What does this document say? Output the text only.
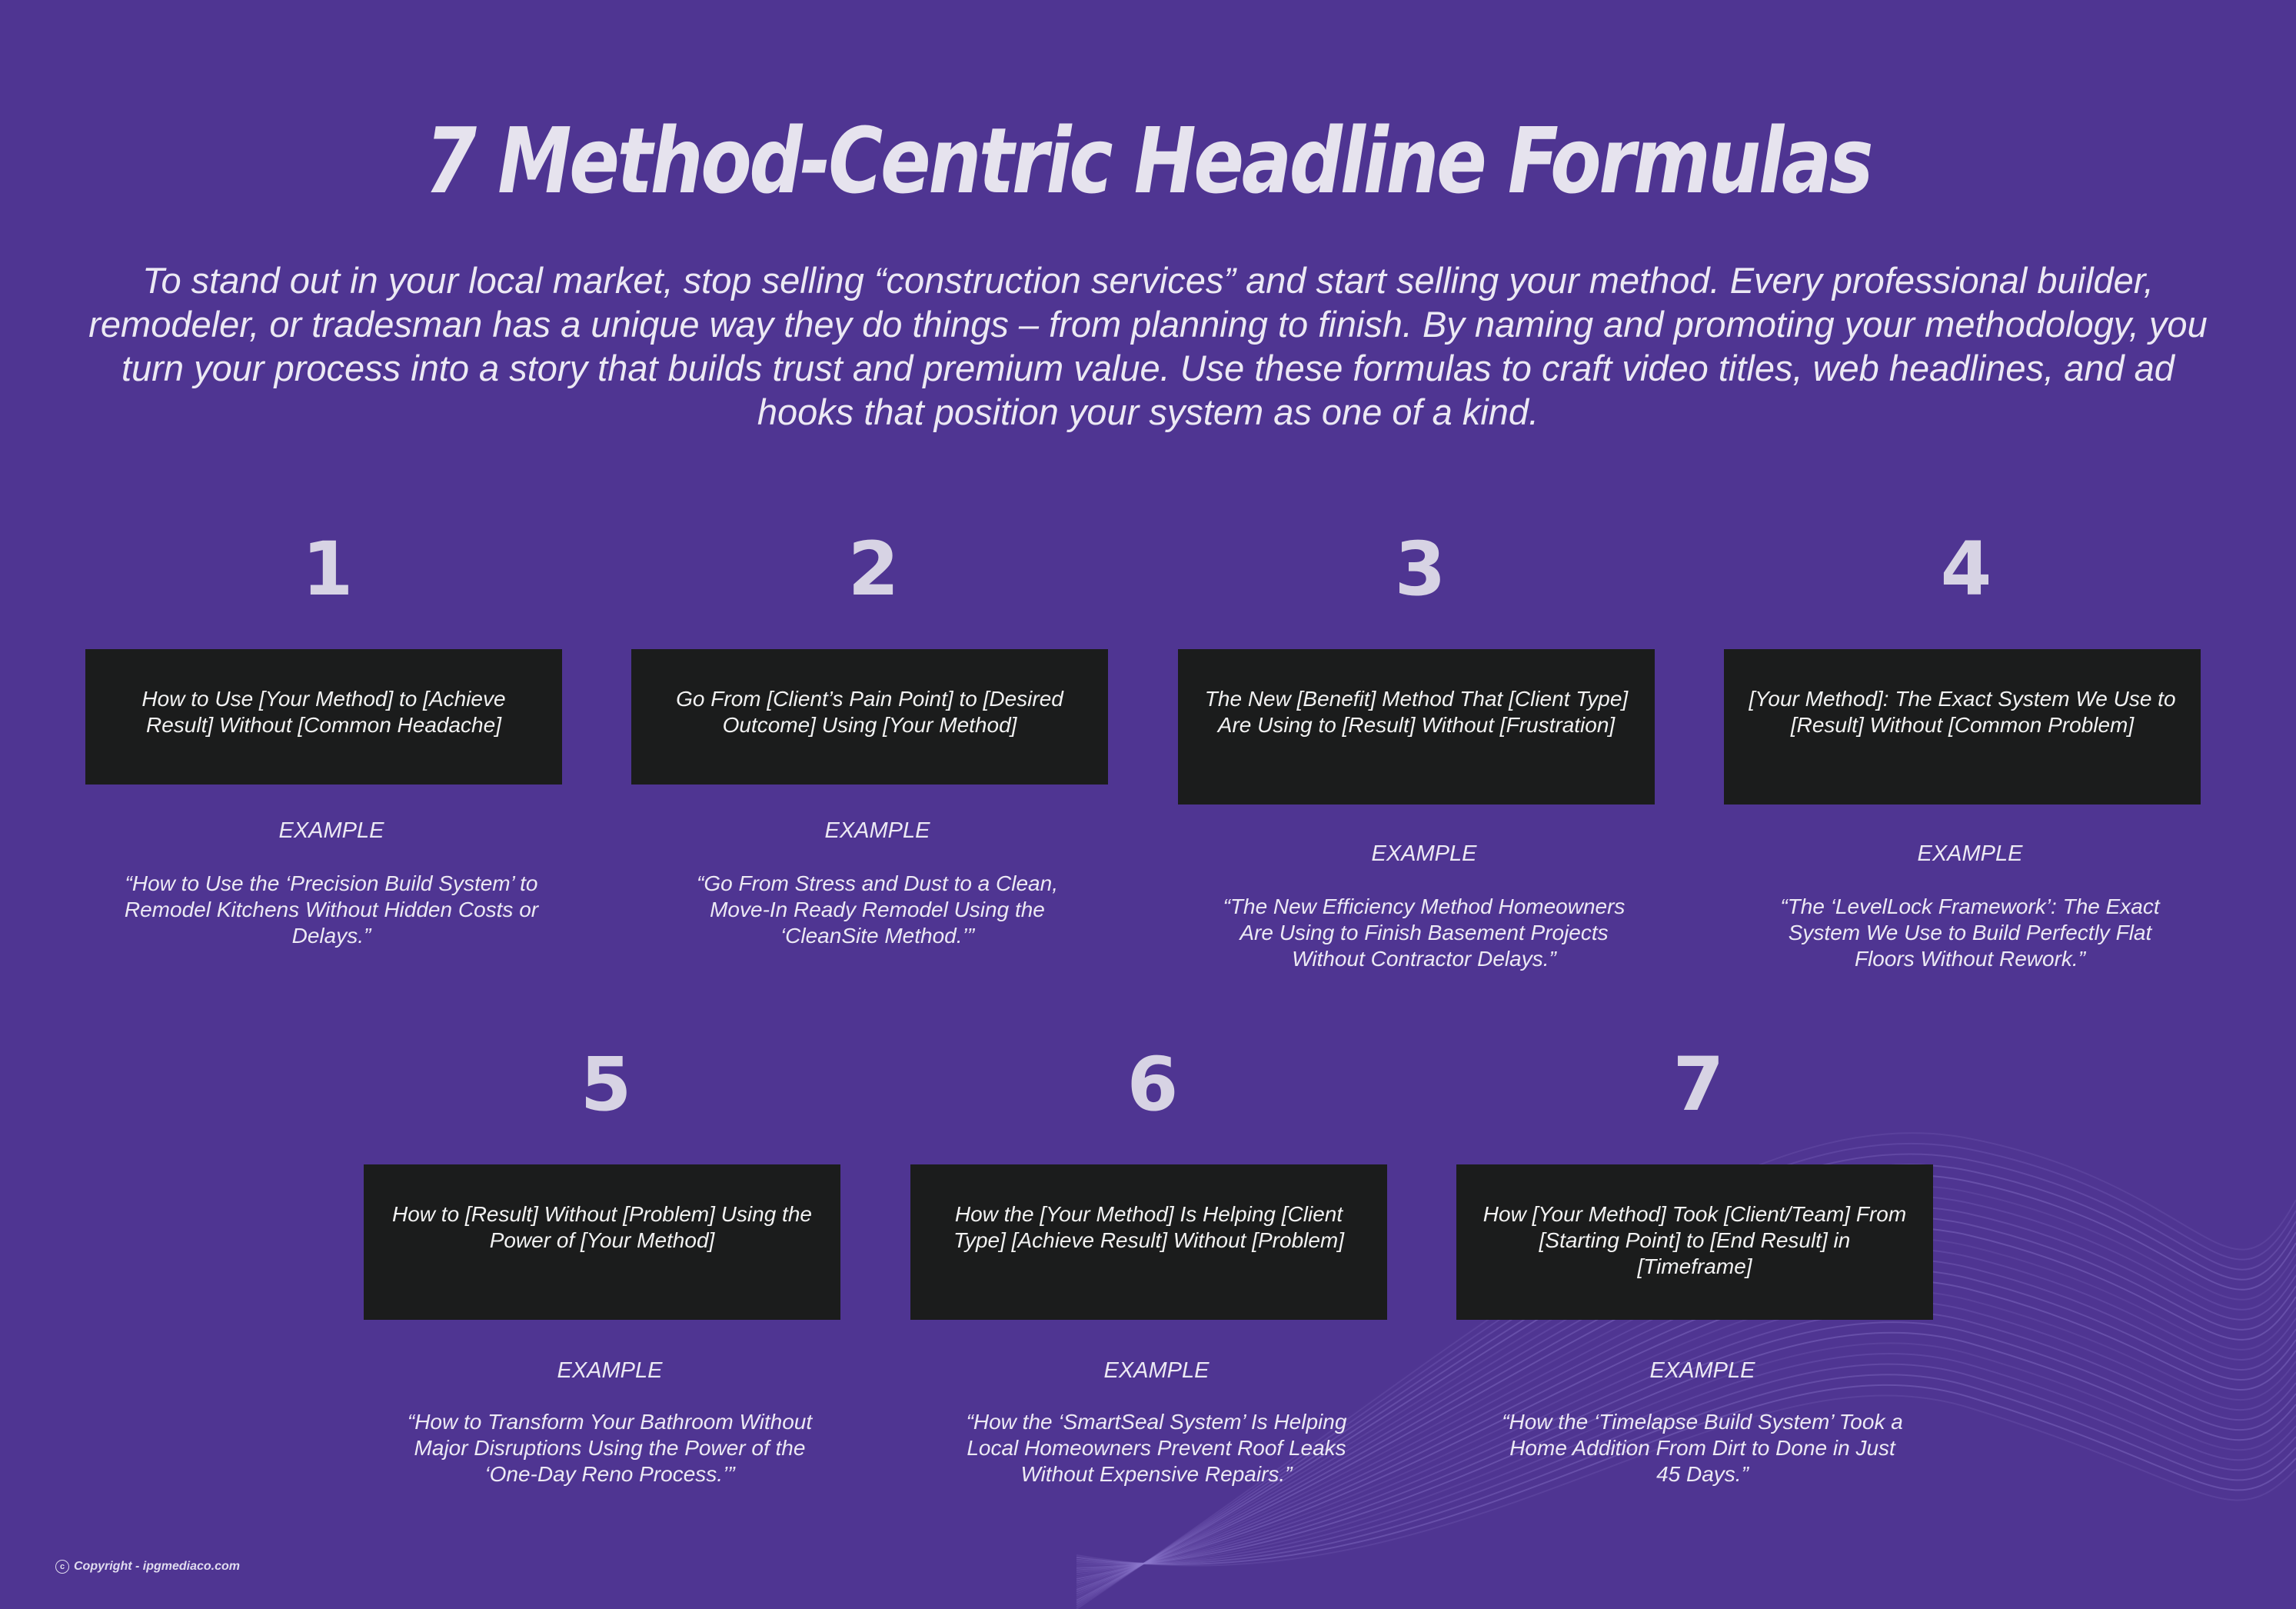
7 Method-Centric Headline Formulas

To stand out in your local market, stop selling “construction services” and start selling your method. Every professional builder, remodeler, or tradesman has a unique way they do things – from planning to finish. By naming and promoting your methodology, you turn your process into a story that builds trust and premium value. Use these formulas to craft video titles, web headlines, and ad hooks that position your system as one of a kind.

1
How to Use [Your Method] to [Achieve Result] Without [Common Headache]
EXAMPLE
“How to Use the ‘Precision Build System’ to Remodel Kitchens Without Hidden Costs or Delays.”
2
Go From [Client’s Pain Point] to [Desired Outcome] Using [Your Method]
EXAMPLE
“Go From Stress and Dust to a Clean, Move-In Ready Remodel Using the ‘CleanSite Method.’”
3
The New [Benefit] Method That [Client Type] Are Using to [Result] Without [Frustration]
EXAMPLE
“The New Efficiency Method Homeowners Are Using to Finish Basement Projects Without Contractor Delays.”
4
[Your Method]: The Exact System We Use to [Result] Without [Common Problem]
EXAMPLE
“The ‘LevelLock Framework’: The Exact System We Use to Build Perfectly Flat Floors Without Rework.”
5
How to [Result] Without [Problem] Using the Power of [Your Method]
EXAMPLE
“How to Transform Your Bathroom Without Major Disruptions Using the Power of the ‘One-Day Reno Process.’”
6
How the [Your Method] Is Helping [Client Type] [Achieve Result] Without [Problem]
EXAMPLE
“How the ‘SmartSeal System’ Is Helping Local Homeowners Prevent Roof Leaks Without Expensive Repairs.”
7
How [Your Method] Took [Client/Team] From [Starting Point] to [End Result] in [Timeframe]
EXAMPLE
“How the ‘Timelapse Build System’ Took a Home Addition From Dirt to Done in Just 45 Days.”
c Copyright - ipgmediaco.com
